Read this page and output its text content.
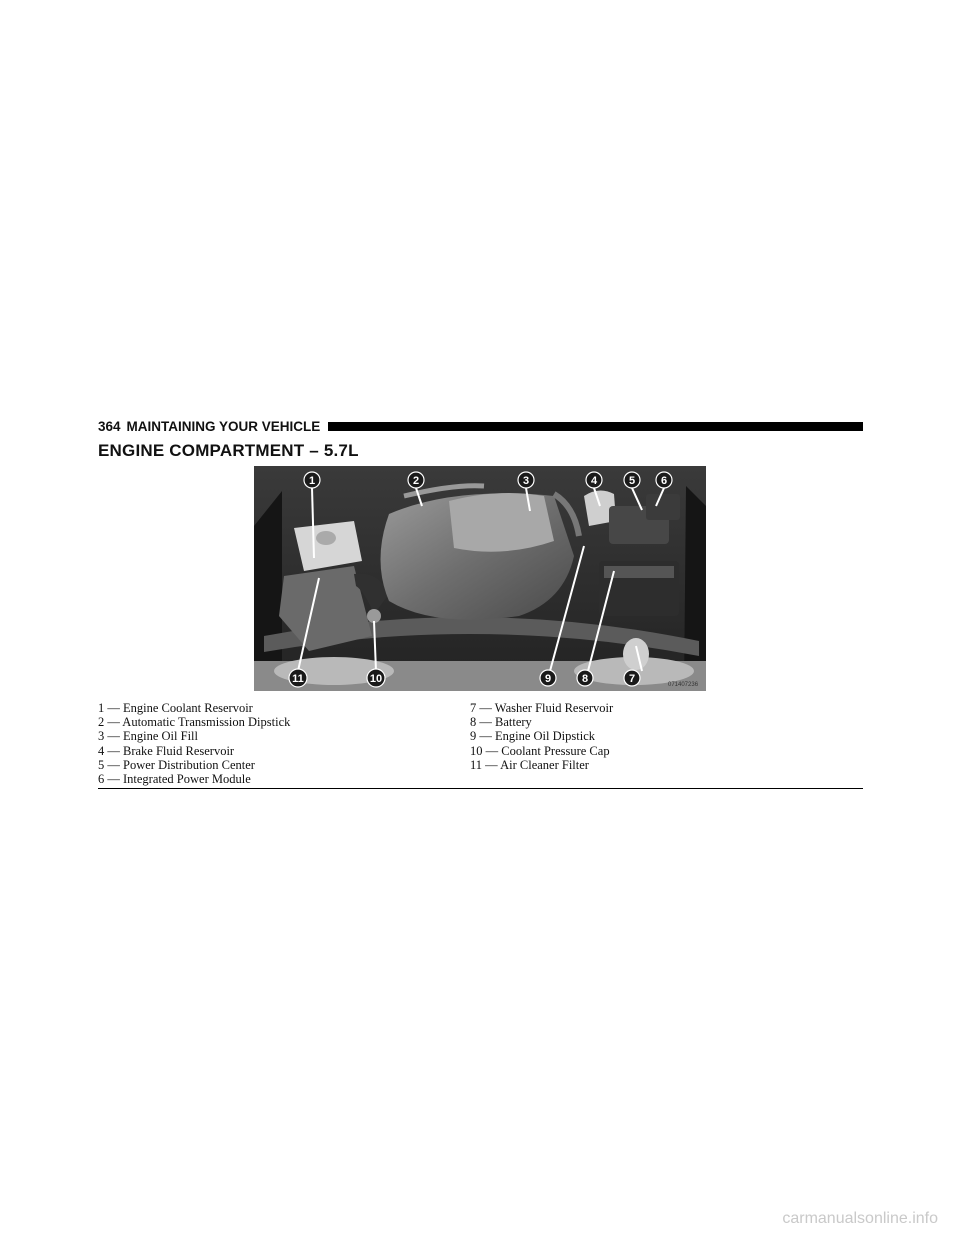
364 MAINTAINING YOUR VEHICLE
ENGINE COMPARTMENT – 5.7L
1	2	3	4	5 6
7
8
9
10
11	071407236
1 — Engine Coolant Reservoir
2 — Automatic Transmission Dipstick
3 — Engine Oil Fill
4 — Brake Fluid Reservoir
5 — Power Distribution Center
6 — Integrated Power Module
7 — Washer Fluid Reservoir
8 — Battery
9 — Engine Oil Dipstick
10 — Coolant Pressure Cap
11 — Air Cleaner Filter
carmanualsonline.info
